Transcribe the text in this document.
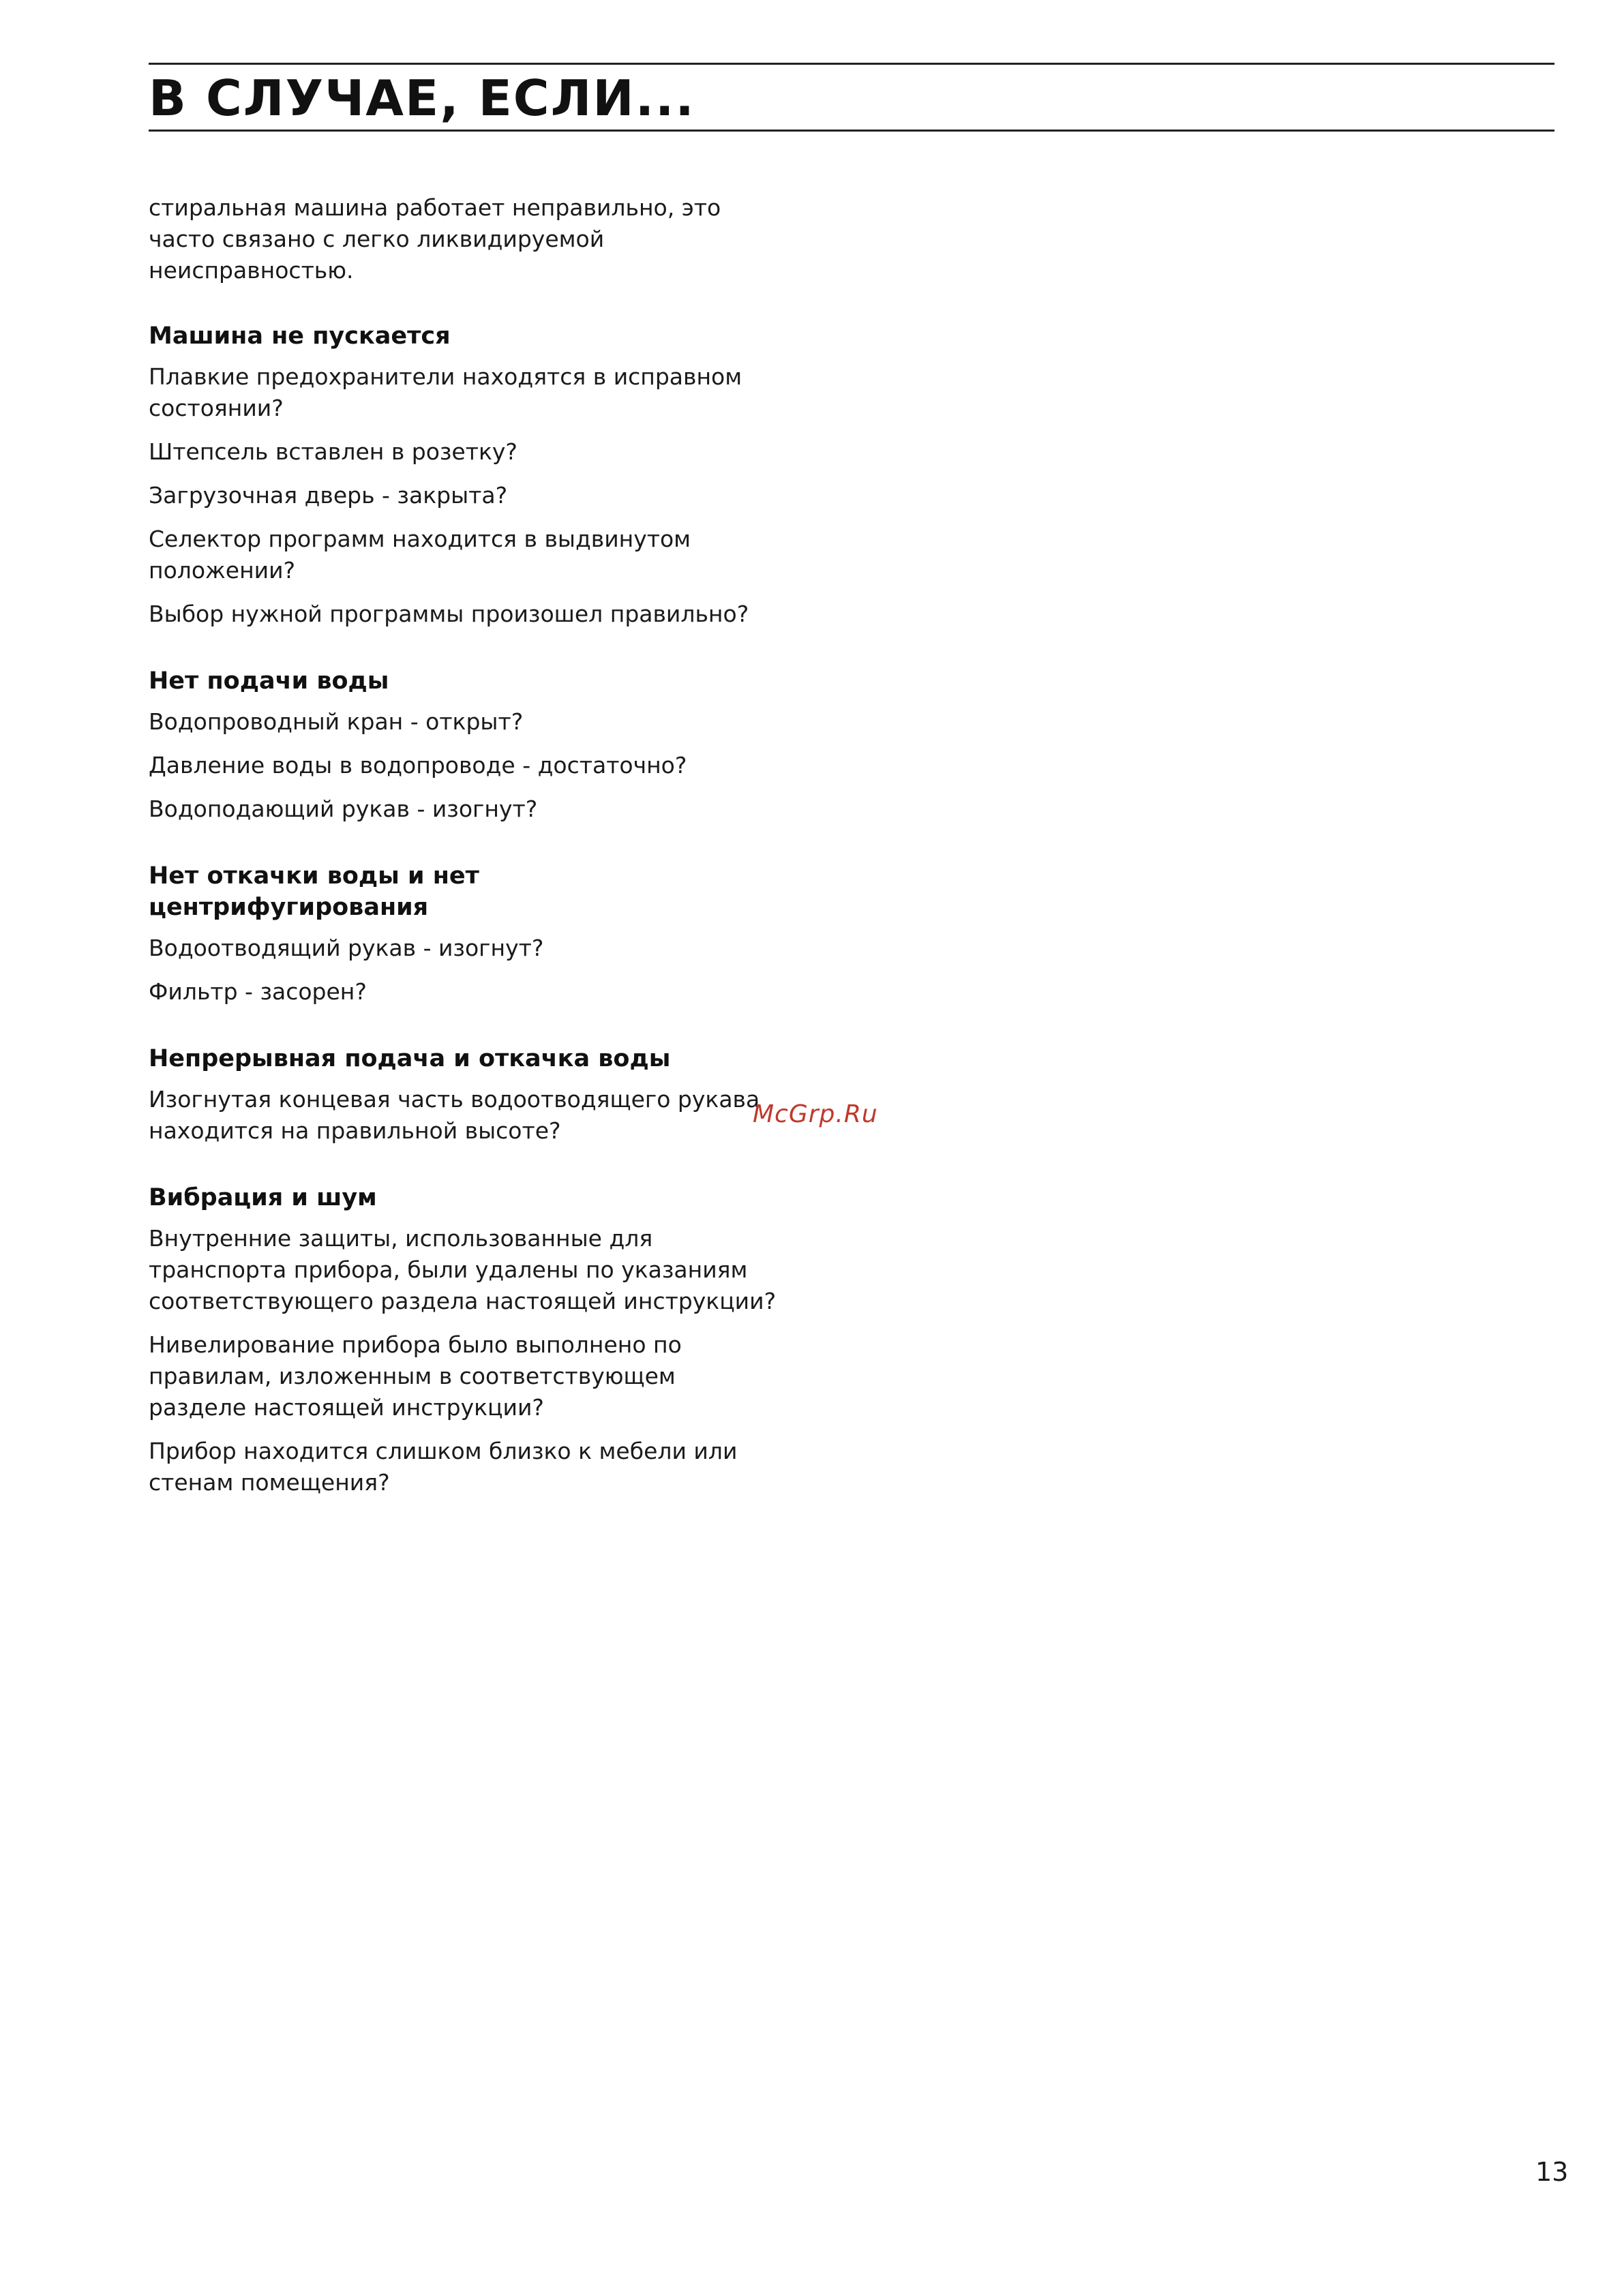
В СЛУЧАЕ, ЕСЛИ...

стиральная машина работает неправильно, это
часто связано с легко ликвидируемой
неисправностью.

Машина не пускается

Плавкие предохранители находятся в исправном
состоянии?

Штепсель вставлен в розетку?

Загрузочная дверь - закрыта?

Селектор программ находится в выдвинутом
положении?

Выбор нужной программы произошел правильно?

Нет подачи воды

Водопроводный кран - открыт?

Давление воды в водопроводе - достаточно?

Водоподающий рукав - изогнут?

Нет откачки воды и нет
центрифугирования

Водоотводящий рукав - изогнут?

Фильтр - засорен?

Непрерывная подача и откачка воды

Изогнутая концевая часть водоотводящего рукава
находится на правильной высоте?

Вибрация и шум

Внутренние защиты, использованные для
транспорта прибора, были удалены по указаниям
соответствующего раздела настоящей инструкции?

Нивелирование прибора было выполнено по
правилам, изложенным в соответствующем
разделе настоящей инструкции?

Прибор находится слишком близко к мебели или
стенам помещения?

McGrp.Ru
13
